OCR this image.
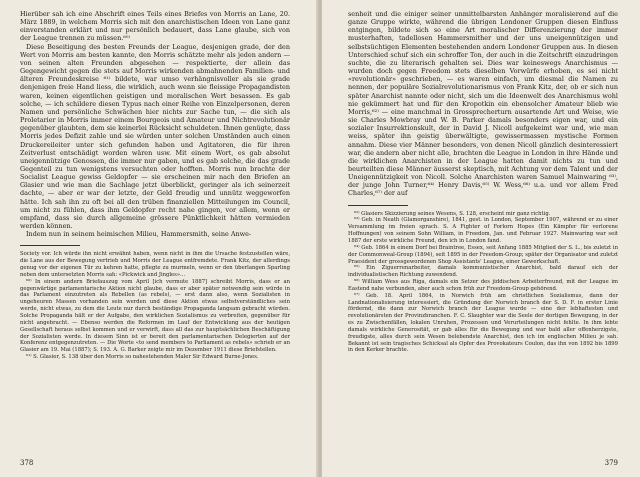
Hierüber sah ich eine Abschrift eines Teils eines Briefes von Morris an Lane, 20. März 1889, in welchem Morris sich mit den anarchistischen Ideen von Lane ganz einverstanden erklärt und nur persönlich bedauert, dass Lane glaube, sich von der League trennen zu müssen.⁶⁰⁾

Diese Beseitigung des besten Freunds der League, desjenigen grade, der den Wert von Morris am besten kannte, den Morris schätzte mehr als jeden andern — von seinen alten Freunden abgesehen — respektierte, der allein das Gegengewicht gegen die stets auf Morris wirkenden abmahnenden Familien- und älteren Freundeskreise ⁶¹⁾ bildete, war umso verhängnisvoller als sie grade denjenigen freie Hand liess, die wirklich, auch wenn sie fleissige Propagandisten waren, keinen eigentlichen geistigen und moralischen Wert besassen. Es gab solche, — ich schildere diesen Typus nach einer Reihe von Einzelpersonen, deren Namen und persönliche Schwächen hier nichts zur Sache tun, — die sich als Proletarier in Morris immer einem Bourgeois und Amateur und Nichtrevolutionär gegenüber glaubten, dem sie keinerlei Rücksicht schuldeten. Ihnen genügte, dass Morris jedes Defizit zahle und sie würden unter solchen Umständen auch einen Druckereileiter unter sich gefunden haben und Agitatoren, die für ihren Zeitverlust entschädigt worden wären usw. Mit einem Wort, es gab absolut uneigennützige Genossen, die immer nur gaben, und es gab solche, die das grade Gegenteil zu tun wenigstens versuchten oder hofften. Morris nun brachte der Socialist League gewiss Geldopfer — sie erscheinen mir nach den Briefen an Glasier und wie man die Sachlage jetzt überblickt, geringer als ich seinerzeit dachte, — aber er war der letzte, der Geld freudig und unnütz weggeworfen hätte. Ich sah ihn zu oft bei all den trüben finanziellen Mitteilungen im Council, um nicht zu fühlen, dass ihm Geldopfer recht nahe gingen, vor allem, wenn er empfand, dass sie durch allgemeine grössere Pünktlichkeit hätten vermieden werden können.

Indem nun in seinem heimischen Milieu, Hammersmith, seine Anwe-

Society vor. Ich würde ihn nicht erwähnt haben, wenn nicht in ihm die Ursache festzustellen wäre, die Lane aus der Bewegung vertrieb und Morris der League entfremdete. Frank Kitz, der allerdings genug vor der eigenen Tür zu kehren hatte, pflegte zu murmeln, wenn er den überlangen Sparling neben dem untersetzten Morris sah: «Pickwick and Jingles»…

⁶⁰⁾ In einem andern Briefauszug vom April [ich vermute 1887] schreibt Morris, dass er an gegenwärtige parlamentarische Aktion nicht glaube, dass er aber später notwendig sein würde in das Parlament einzutreten als Rebellen (as rebels), — erst dann also, wenn Sozialisten in ungeheuren Massen vorhanden sein werden und diese Aktion etwas selbstverständliches sein werde, nicht etwas, zu dem die Leute nur durch beständige Propaganda langsam gebracht würden. Solche Propaganda hält er der Aufgabe, den wirklichen Sozialismus zu verbreiten, gegenüber für nicht angebracht. — Ebenso werden die Reformen im Lauf der Entwicklung aus der heutigen Gesellschaft heraus selbst kommen und er verwirft, dass all das zur hauptsächlichen Beschäftigung der Sozialisten werde. In diesem Sinn ist er bereit den parlamentarischen Delegierten auf der Konferenz entgegenzutreten. — Die Worte «to send members to Parliament as rebels» schrieb er an Glasier am 19. Mai (1887); S. 193. A. G. Barker zeigte mir im Dezember 1911 diese Briefstellen.

⁶¹⁾ S. Glasier, S. 138 über den Morris so nahestehenden Maler Sir Edward Burne-Jones.

378

senheit und die einiger seiner unmittelbarsten Anhänger moralisierend auf die ganze Gruppe wirkte, während die übrigen Londoner Gruppen diesen Einfluss entgingen, bildete sich so eine Art moralischer Differenzierung der immer musterhaften, tadellosen Hammersmither und der uns uneigennützigen und selbstsüchtigen Elementen bestehenden andern Londoner Gruppen aus. In diesen Unterschied schuf sich ein schroffer Ton, der auch in die Zeitschrift einzudringen suchte, die zu literarisch gehalten sei. Dies war keineswegs Anarchismus — wurden doch gegen Freedom stets dieselben Vorwürfe erhoben, es sei nicht «revolutionär» geschrieben, — es waren einfach, um diesmal die Namen zu nennen, der populäre Sozialrevolutionarismus von Frank Kitz, der, ob er sich nun später Anarchist nannte oder nicht, sich um die Ideenwelt des Anarchismus wohl nie gekümmert hat und für den Kropotkin ein ebensolcher Amateur blieb wie Morris,⁶²⁾ — eine manchmal in Grossprecherturn ausartende Art und Weise, wie sie Charles Mowbray und W. B. Parker damals besonders eigen war, und ein sozialer Insurrektionskult, der in David J. Nicoll aufgekeimt war und, wie man weiss, später ihn geistig überwältigte, gewissermassen mystische Formen annahm. Diese vier Männer besonders, von denen Nicoll gänzlich desinteressiert war, die andern aber nicht alle, brachten die League in London in ihre Hände und die wirklichen Anarchisten in der League hatten damit nichts zu tun und beurteilten diese Männer äusserst skeptisch, mit Achtung vor dem Talent und der Uneigennützigkeit von Nicoll. Solche Anarchisten waren Samuel Mainwaring ⁶³⁾, der junge John Turner,⁶⁴⁾ Henry Davis,⁶⁵⁾ W. Wess,⁶⁶⁾ u.a. und vor allem Fred Charles,⁶⁷⁾ der auf

⁶²⁾ Glasiers Skizzierung seines Wesens, S. 128, erscheint mir ganz richtig.

⁶³⁾ Geb. in Neath (Glamorganshire), 1841, gest. in London, September 1907, während er zu einer Versammlung im freien sprach. S. A Fighter of Forlorn Hopes (Ein Kämpfer für verlorene Hoffnungen) von seinem Sohn William, in Freedom, Jan. und Februar 1927. Mainwaring war seit 1887 der erste wirkliche Freund, den ich in London fand.

⁶⁴⁾ Geb. 1864 in einem Dorf bei Braintree, Essex, seit Anfang 1885 Mitglied der S. L., bis zuletzt in der Commonweal-Group (1894), seit 1895 in der Freedom-Group; später der Organisator und zuletzt Praesident der grossgewordenen Shop Assistants' League, einer Gewerkschaft.

⁶⁵⁾ Ein Ziguerrenarbeiter, damals kommunistischer Anarchist, bald darauf sich der individualistischen Richtung zuwendend.

⁶⁶⁾ William Wess aus Riga, damals ein Setzer des jiddischen Arbeiterfreund, mit der League im Eastend nahe verbunden, aber auch schon früh zur Freedom-Group gehörend.

⁶⁷⁾ Geb. 18. April 1864, in Norwich früh am christlichen Sozialismus, dann der Landnationalisierung interessiert, die Gründung der Norwich branch der S. D. F. in erster Linie fördernd, die dann zur Norwich branch der League wurde — eine der lebhaftesten und revolutionärsten der Provinzbranchen. F. C. Slaughter war die Seele der dortigen Bewegung, in der es zu Zwischenfällen, lokalen Unruhen, Prozessen und Verurteilungen nicht fehlte. In ihm lebte damals wirkliche Generosität, er gab alles für die Bewegung und war bald aller offenherzigste, freudigste, alles durch sein Wesen belebendste Anarchist, den ich im englischen Milieu je sah. Bekannt ist sein tragisches Schicksal als Opfer des Provokateurs Coulon, das ihn von 1892 bis 1899 in den Kerker brachte.

379
